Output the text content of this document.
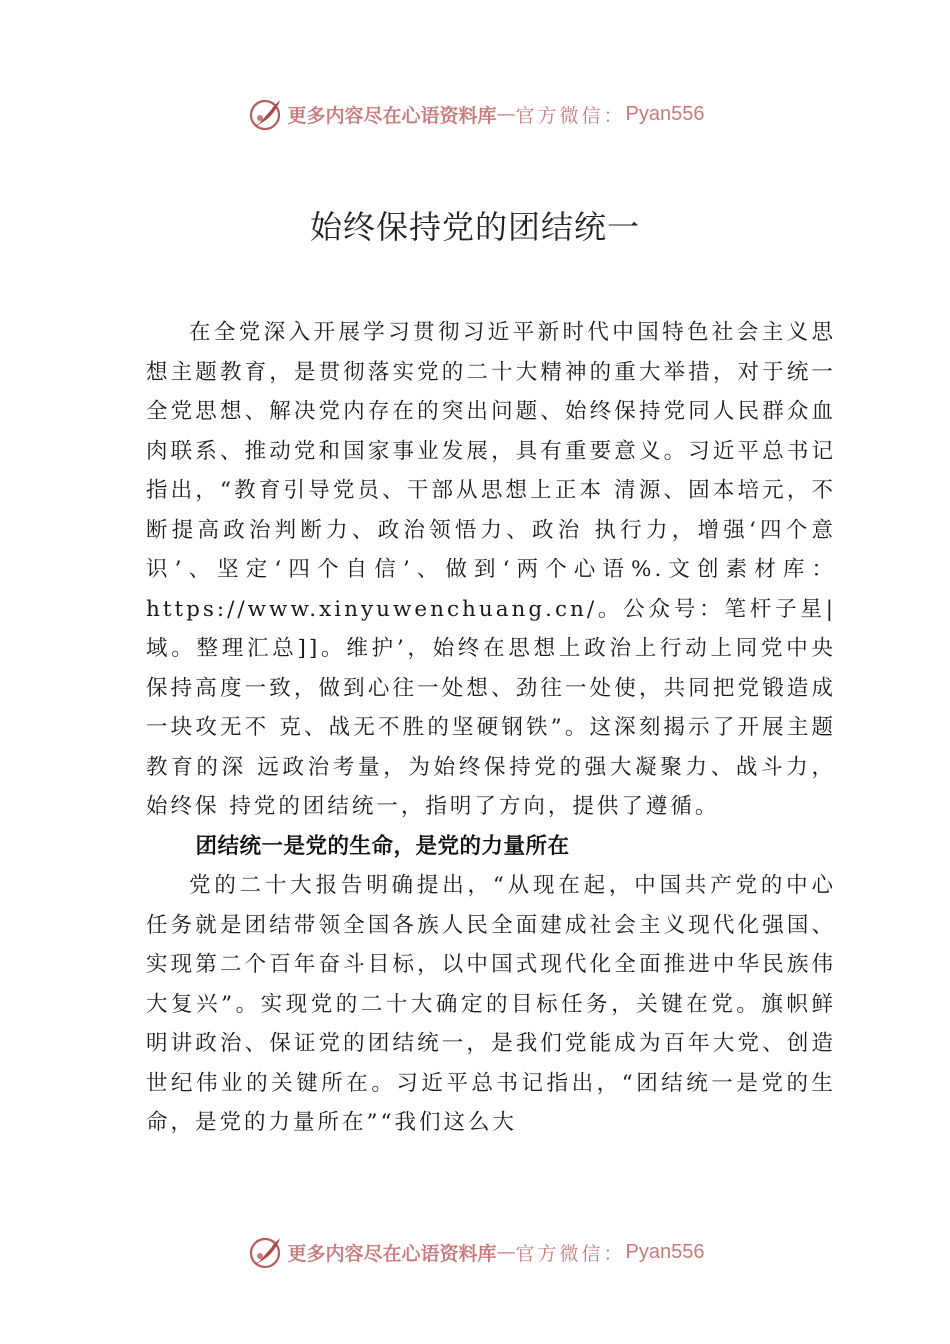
更多内容尽在心语资料库 — 官方微信： Pyan556
始终保持党的团结统一

在全党深入开展学习贯彻习近平新时代中国特色社会主义思想主题教育，是贯彻落实党的二十大精神的重大举措，对于统一全党思想、解决党内存在的突出问题、始终保持党同人民群众血肉联系、推动党和国家事业发展，具有重要意义。习近平总书记指出，“教育引导党员、干部从思想上正本 清源、固本培元，不断提高政治判断力、政治领悟力、政治 执行力，增强‘四个意识’、坚定‘四个自信’、做到‘两个心语%.文创素材库：https://www.xinyuwenchuang.cn/。公众号：笔杆子星|域。整理汇总]]。维护’，始终在思想上政治上行动上同党中央保持高度一致，做到心往一处想、劲往一处使，共同把党锻造成一块攻无不 克、战无不胜的坚硬钢铁”。这深刻揭示了开展主题教育的深 远政治考量，为始终保持党的强大凝聚力、战斗力，始终保 持党的团结统一，指明了方向，提供了遵循。

团结统一是党的生命，是党的力量所在

党的二十大报告明确提出，“从现在起，中国共产党的中心任务就是团结带领全国各族人民全面建成社会主义现代化强国、实现第二个百年奋斗目标，以中国式现代化全面推进中华民族伟大复兴”。实现党的二十大确定的目标任务，关键在党。旗帜鲜明讲政治、保证党的团结统一，是我们党能成为百年大党、创造世纪伟业的关键所在。习近平总书记指出，“团结统一是党的生命，是党的力量所在”“我们这么大

更多内容尽在心语资料库 — 官方微信： Pyan556
